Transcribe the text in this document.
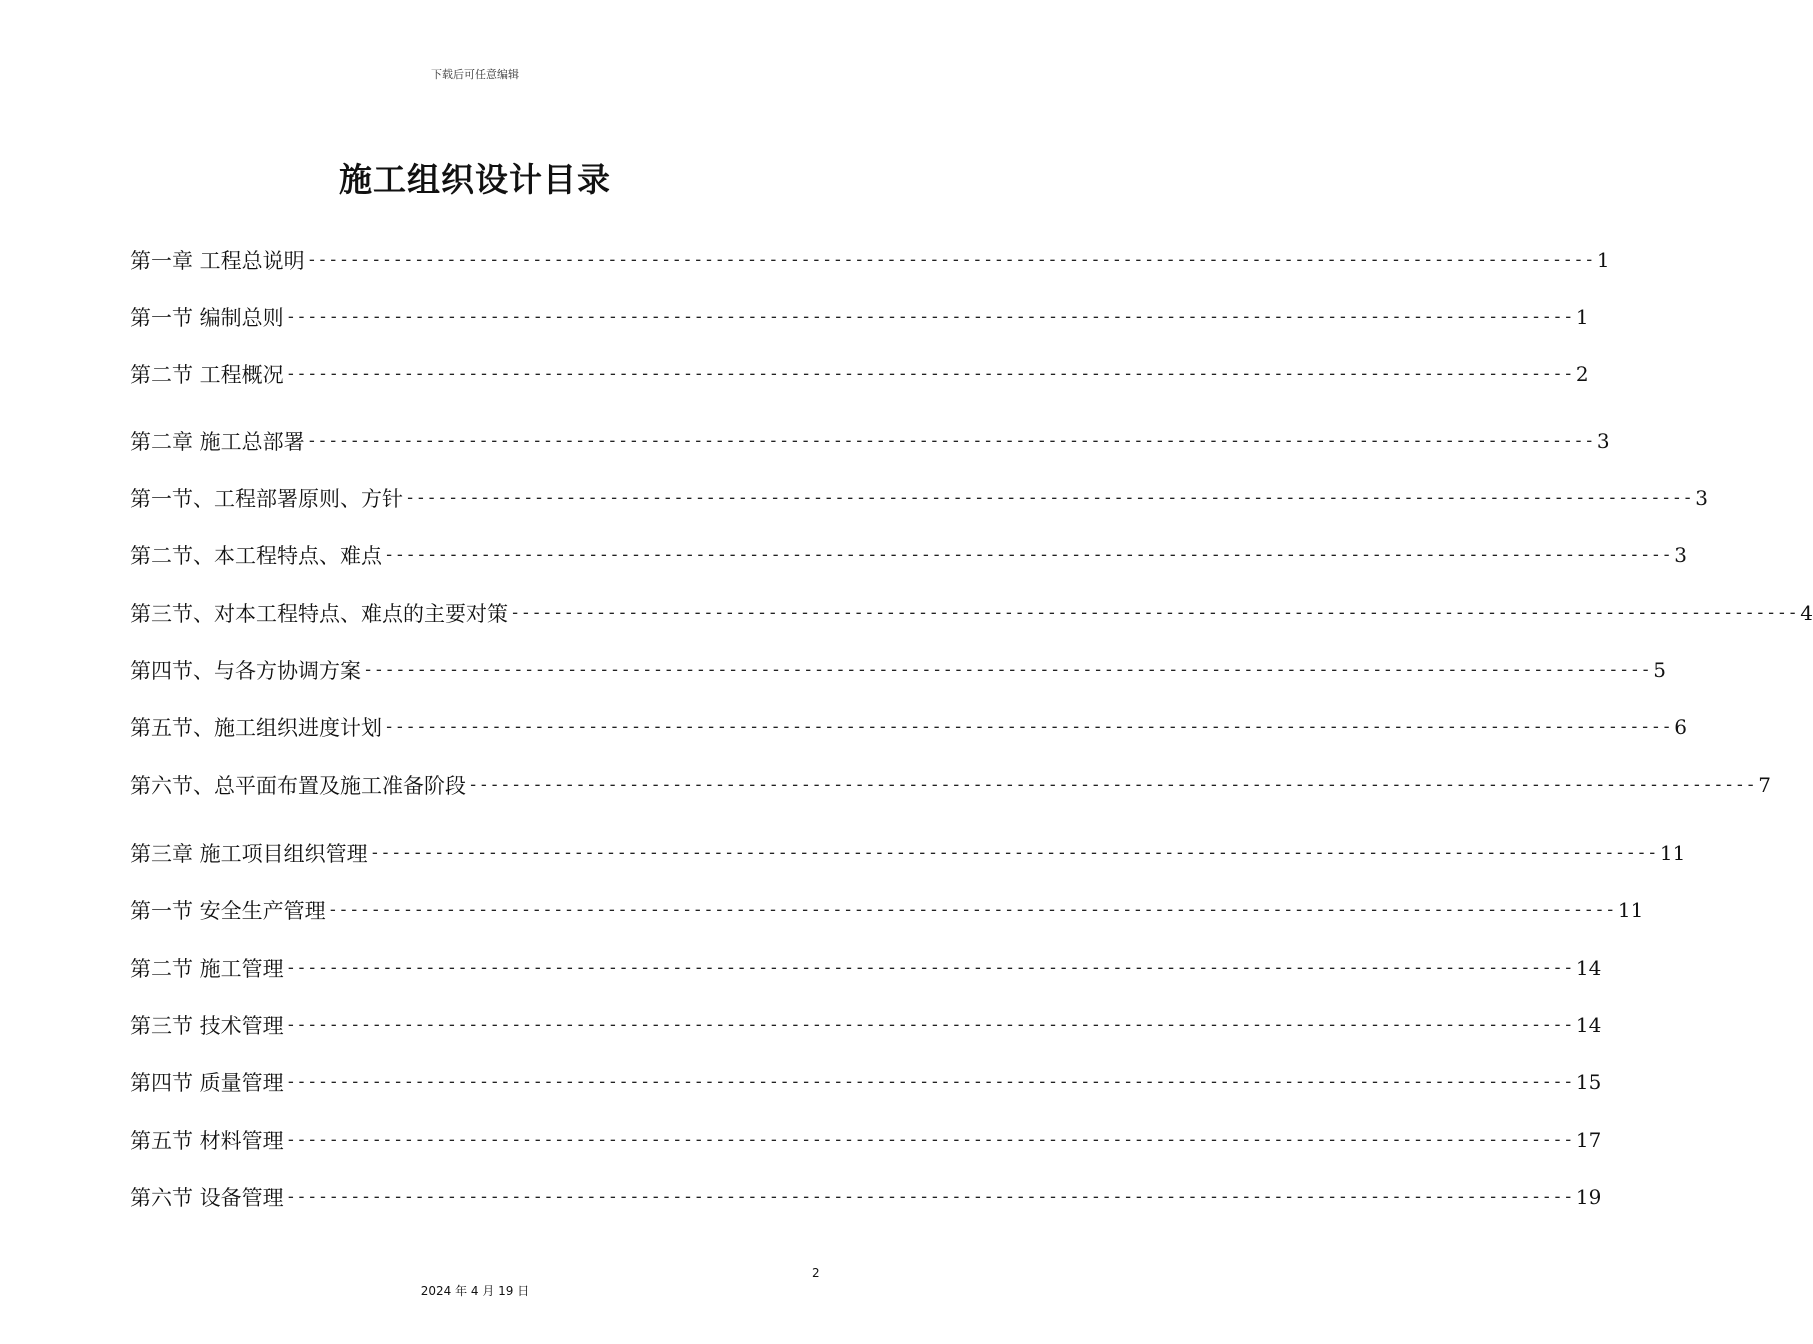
下载后可任意编辑
施工组织设计目录
第一章 工程总说明 ------------------------------------------------------------------------------------------------------------------------ 1
第一节 编制总则 ------------------------------------------------------------------------------------------------------------------------ 1
第二节 工程概况 ------------------------------------------------------------------------------------------------------------------------ 2
第二章 施工总部署 ------------------------------------------------------------------------------------------------------------------------ 3
第一节、工程部署原则、方针 ------------------------------------------------------------------------------------------------------------------------ 3
第二节、本工程特点、难点 ------------------------------------------------------------------------------------------------------------------------ 3
第三节、对本工程特点、难点的主要对策 ------------------------------------------------------------------------------------------------------------------------ 4
第四节、与各方协调方案 ------------------------------------------------------------------------------------------------------------------------ 5
第五节、施工组织进度计划 ------------------------------------------------------------------------------------------------------------------------ 6
第六节、总平面布置及施工准备阶段 ------------------------------------------------------------------------------------------------------------------------ 7
第三章 施工项目组织管理 ------------------------------------------------------------------------------------------------------------------------ 11
第一节 安全生产管理 ------------------------------------------------------------------------------------------------------------------------ 11
第二节 施工管理 ------------------------------------------------------------------------------------------------------------------------ 14
第三节 技术管理 ------------------------------------------------------------------------------------------------------------------------ 14
第四节 质量管理 ------------------------------------------------------------------------------------------------------------------------ 15
第五节 材料管理 ------------------------------------------------------------------------------------------------------------------------ 17
第六节 设备管理 ------------------------------------------------------------------------------------------------------------------------ 19
2
2024 年 4 月 19 日
